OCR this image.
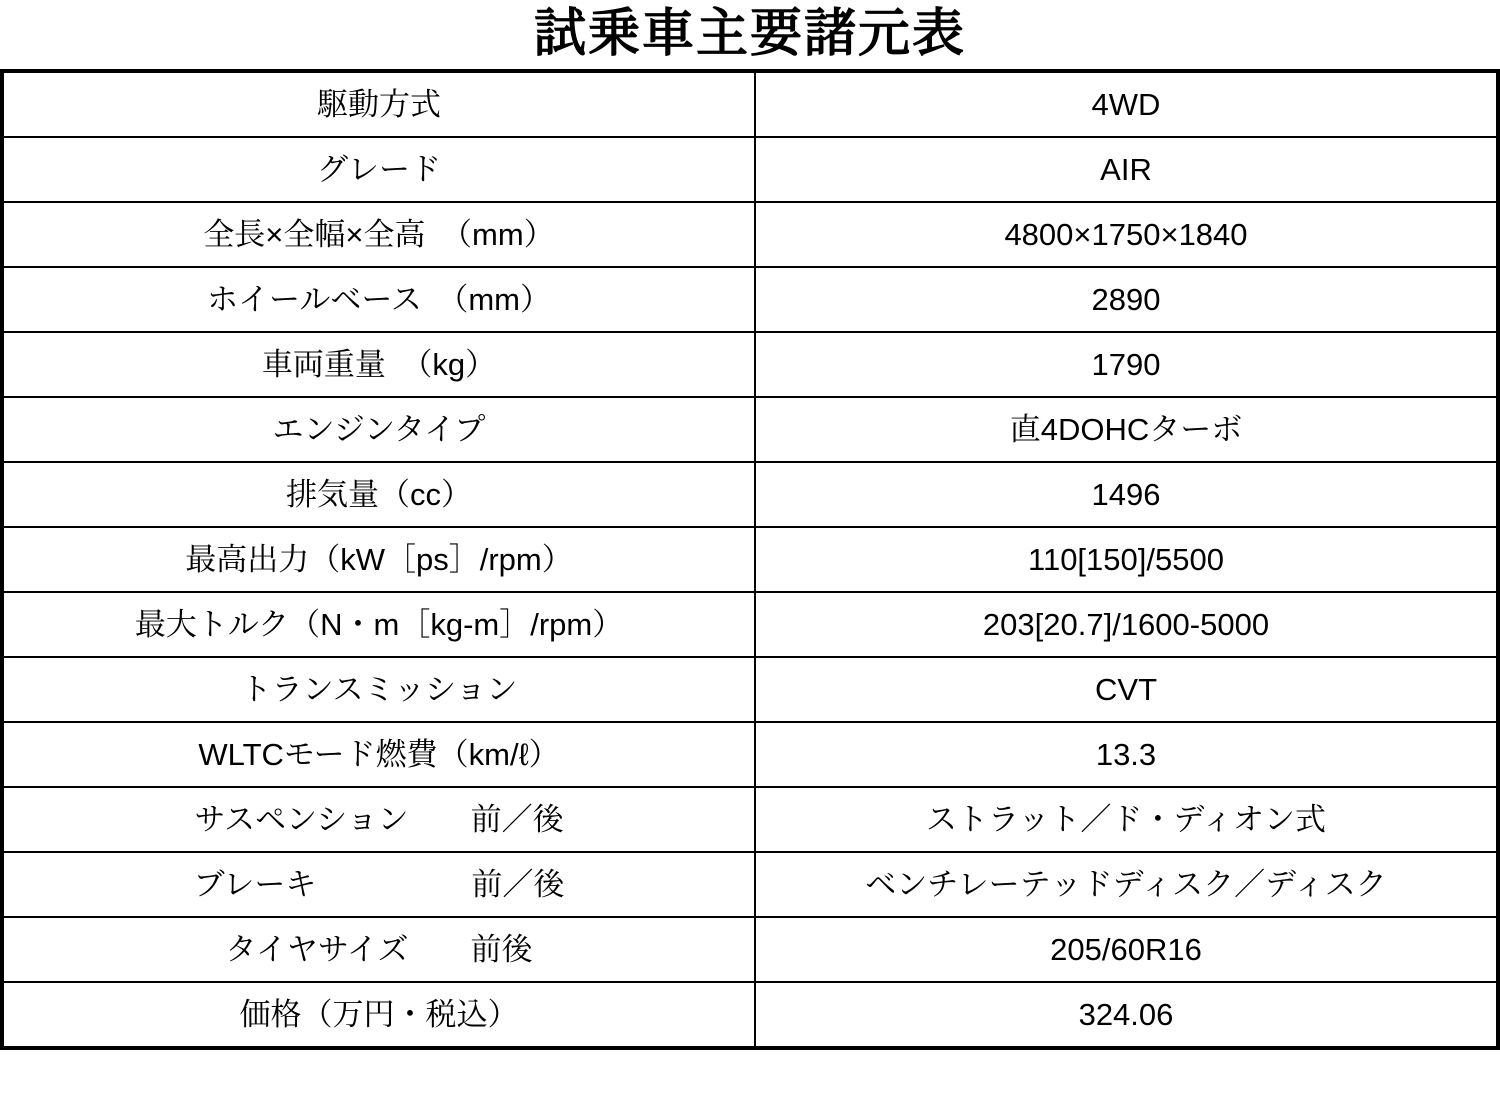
試乗車主要諸元表
駆動方式	4WD
グレード	AIR
全長×全幅×全高　（mm）	4800×1750×1840
ホイールベース　（mm）	2890
車両重量　（kg）	1790
エンジンタイプ	直4DOHCターボ
排気量（cc）	1496
最高出力（kW［ps］/rpm）	110[150]/5500
最大トルク（N・m［kg-m］/rpm）	203[20.7]/1600-5000
トランスミッション	CVT
WLTCモード燃費（km/ℓ）	13.3
サスペンション　　前／後	ストラット／ド・ディオン式
ブレーキ　　　　　前／後	ベンチレーテッドディスク／ディスク
タイヤサイズ　　前後	205/60R16
価格（万円・税込）	324.06
